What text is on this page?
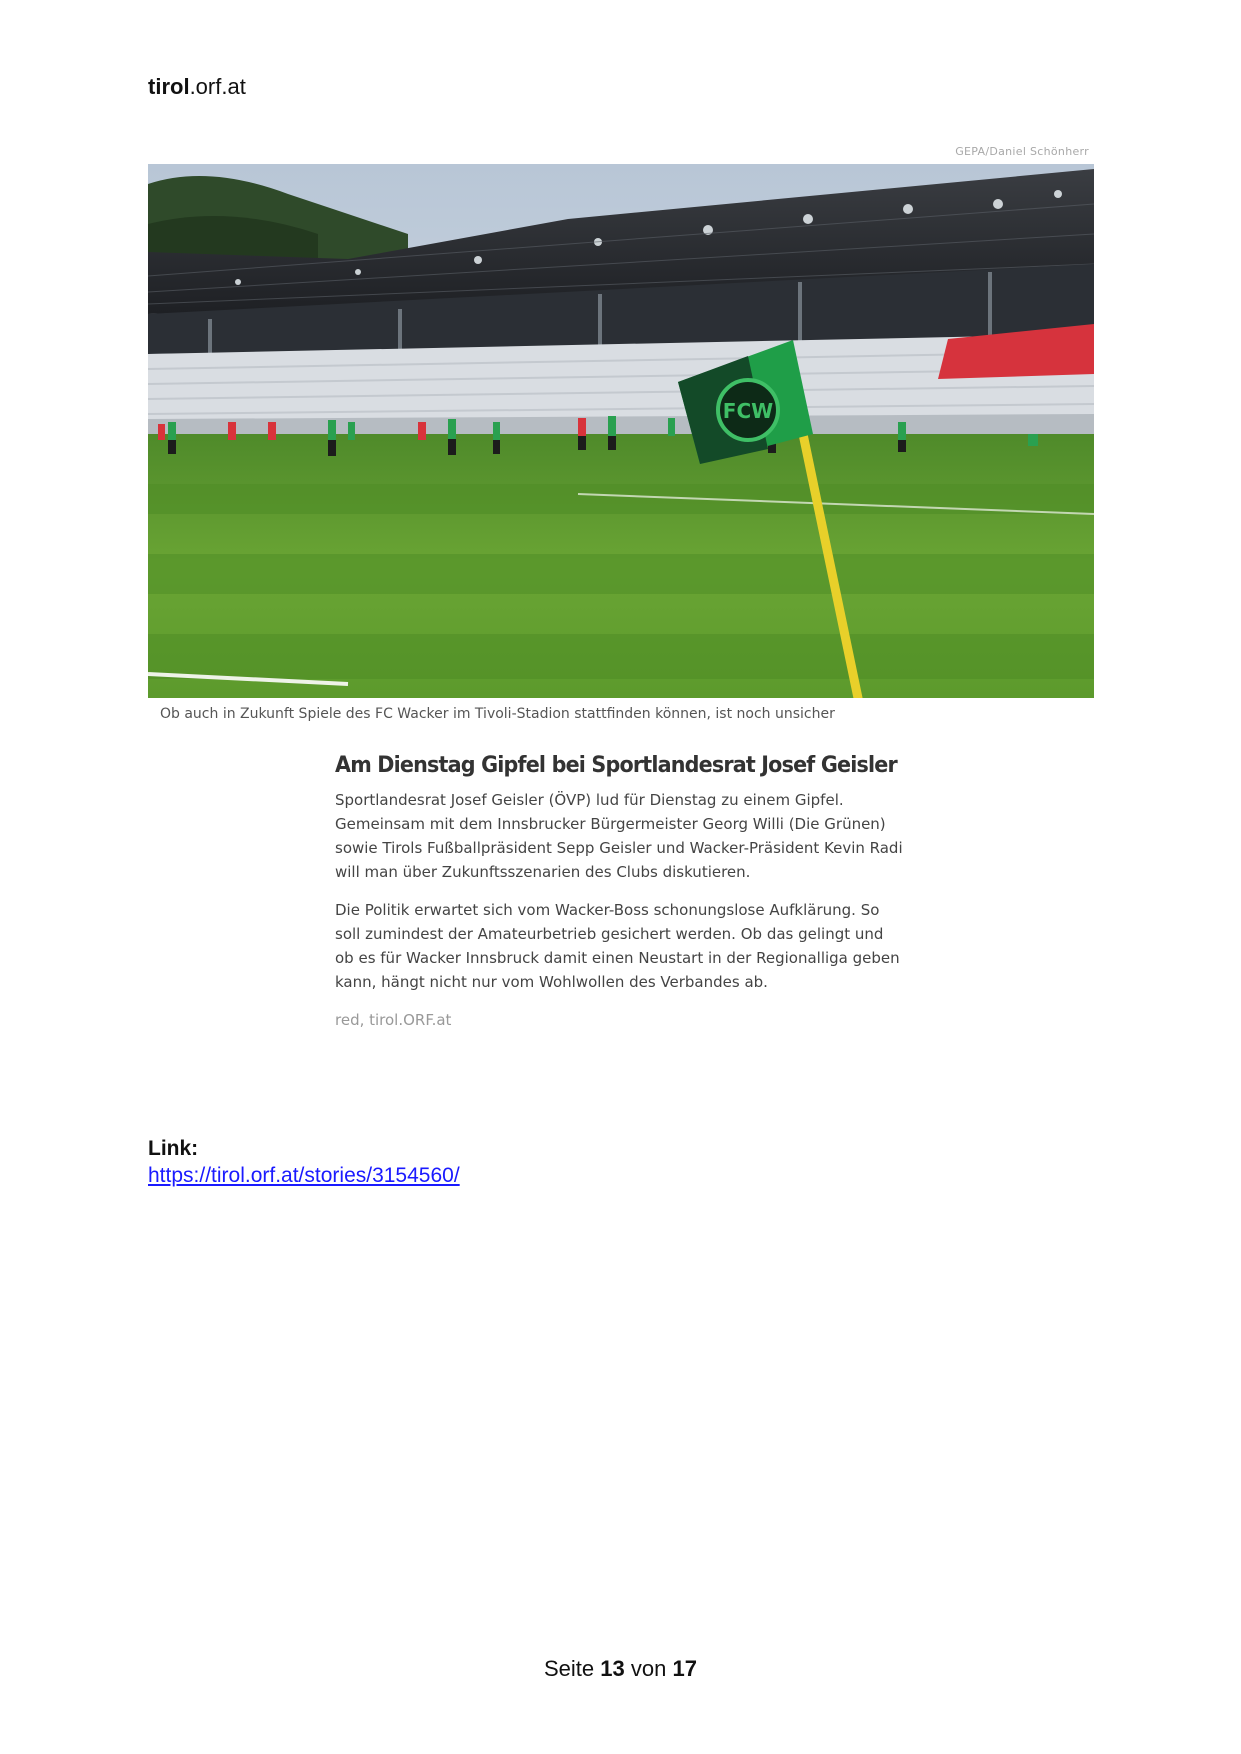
tirol.orf.at
GEPA/Daniel Schönherr
FCW
Ob auch in Zukunft Spiele des FC Wacker im Tivoli-Stadion stattfinden können, ist noch unsicher
Am Dienstag Gipfel bei Sportlandesrat Josef Geisler

Sportlandesrat Josef Geisler (ÖVP) lud für Dienstag zu einem Gipfel. Gemeinsam mit dem Innsbrucker Bürgermeister Georg Willi (Die Grünen) sowie Tirols Fußballpräsident Sepp Geisler und Wacker-Präsident Kevin Radi will man über Zukunftsszenarien des Clubs diskutieren.

Die Politik erwartet sich vom Wacker-Boss schonungslose Aufklärung. So soll zumindest der Amateurbetrieb gesichert werden. Ob das gelingt und ob es für Wacker Innsbruck damit einen Neustart in der Regionalliga geben kann, hängt nicht nur vom Wohlwollen des Verbandes ab.

red, tirol.ORF.at

Link:
https://tirol.orf.at/stories/3154560/
Seite 13 von 17
